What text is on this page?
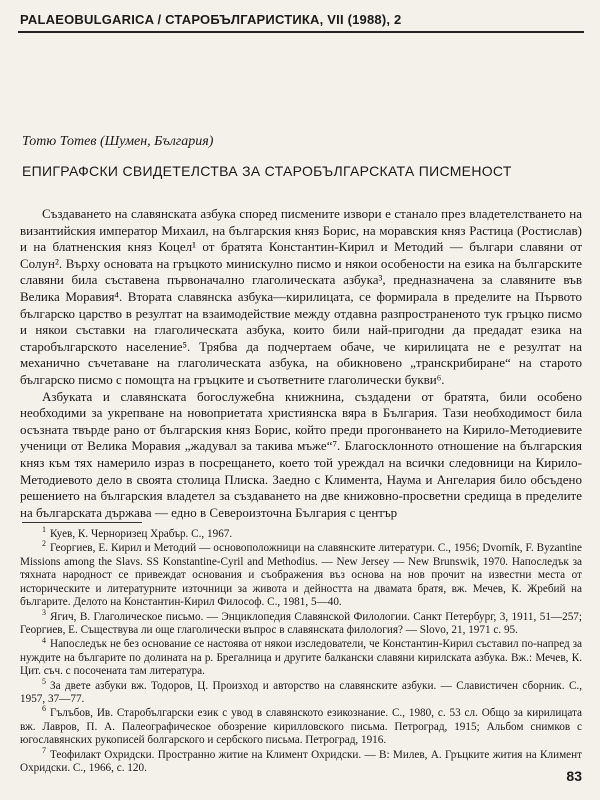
PALAEOBULGARICA / СТАРОБЪЛГАРИСТИКА, VII (1988), 2
Тотю Тотев (Шумен, България)
ЕПИГРАФСКИ СВИДЕТЕЛСТВА ЗА СТАРОБЪЛГАРСКАТА ПИСМЕНОСТ

Създаването на славянската азбука според писмените извори е станало през владетелстването на византийския император Михаил, на българския княз Борис, на моравския княз Растица (Ростислав) и на блатненския княз Коцел¹ от братята Константин-Кирил и Методий — българи славяни от Солун². Върху основата на гръцкото минискулно писмо и някои особености на езика на българските славяни била съставена първоначално глаголическата азбука³, предназначена за славяните във Велика Моравия⁴. Втората славянска азбука—кирилицата, се формирала в пределите на Първото българско царство в резултат на взаимодействие между отдавна разпространеното тук гръцко писмо и някои съставки на глаголическата азбука, които били най-пригодни да предадат езика на старобългарското население⁵. Трябва да подчертаем обаче, че кирилицата не е резултат на механично съчетаване на глаголическата азбука, на обикновено „транскрибиране“ на старото българско писмо с помощта на гръцките и съответните глаголически букви⁶.

Азбуката и славянската богослужебна книжнина, създадени от братята, били особено необходими за укрепване на новоприетата християнска вяра в България. Тази необходимост била осъзната твърде рано от българския княз Борис, който преди прогонването на Кирило-Методиевите ученици от Велика Моравия „жадувал за такива мъже“⁷. Благосклонното отношение на българския княз към тях намерило израз в посрещането, което той уреждал на всички следовници на Кирило-Методиевото дело в своята столица Плиска. Заедно с Климента, Наума и Ангелария било обсъдено решението на българския владетел за създаването на две книжовно-просветни средища в пределите на българската държава — едно в Североизточна България с център

$^1$ Куев, К. Черноризец Храбър. С., 1967.

$^2$ Георгиев, Е. Кирил и Методий — основоположници на славянските литератури. С., 1956; Dvorník, F. Byzantine Missions among the Slavs. SS Konstantine-Cyril and Methodius. — New Jersey — New Brunswik, 1970. Напоследък за тяхната народност се привеждат основания и съображения въз основа на нов прочит на известни места от историческите и литературните източници за живота и дейността на двамата братя, вж. Мечев, К. Жребий на българите. Делото на Константин-Кирил Философ. С., 1981, 5—40.

$^3$ Ягич, В. Глаголическое письмо. — Энциклопедия Славянской Филологии. Санкт Петербург, 3, 1911, 51—257; Георгиев, Е. Съществува ли още глаголически въпрос в славянската филология? — Slovo, 21, 1971 с. 95.

$^4$ Напоследък не без основание се настоява от някои изследователи, че Константин-Кирил съставил по-напред за нуждите на българите по долината на р. Брегалница и другите балкански славяни кирилската азбука. Вж.: Мечев, К. Цит. съч. с посочената там литература.

$^5$ За двете азбуки вж. Тодоров, Ц. Произход и авторство на славянските азбуки. — Славистичен сборник. С., 1957, 37—77.

$^6$ Гълъбов, Ив. Старобългарски език с увод в славянското езикознание. С., 1980, с. 53 сл. Общо за кирилицата вж. Лавров, П. А. Палеографическое обозрение кирилловского письма. Петроград, 1915; Альбом снимков с югославянских рукописей болгарского и сербского письма. Петроград, 1916.

$^7$ Теофилакт Охридски. Пространно житие на Климент Охридски. — В: Милев, А. Гръцките жития на Климент Охридски. С., 1966, с. 120.	83
